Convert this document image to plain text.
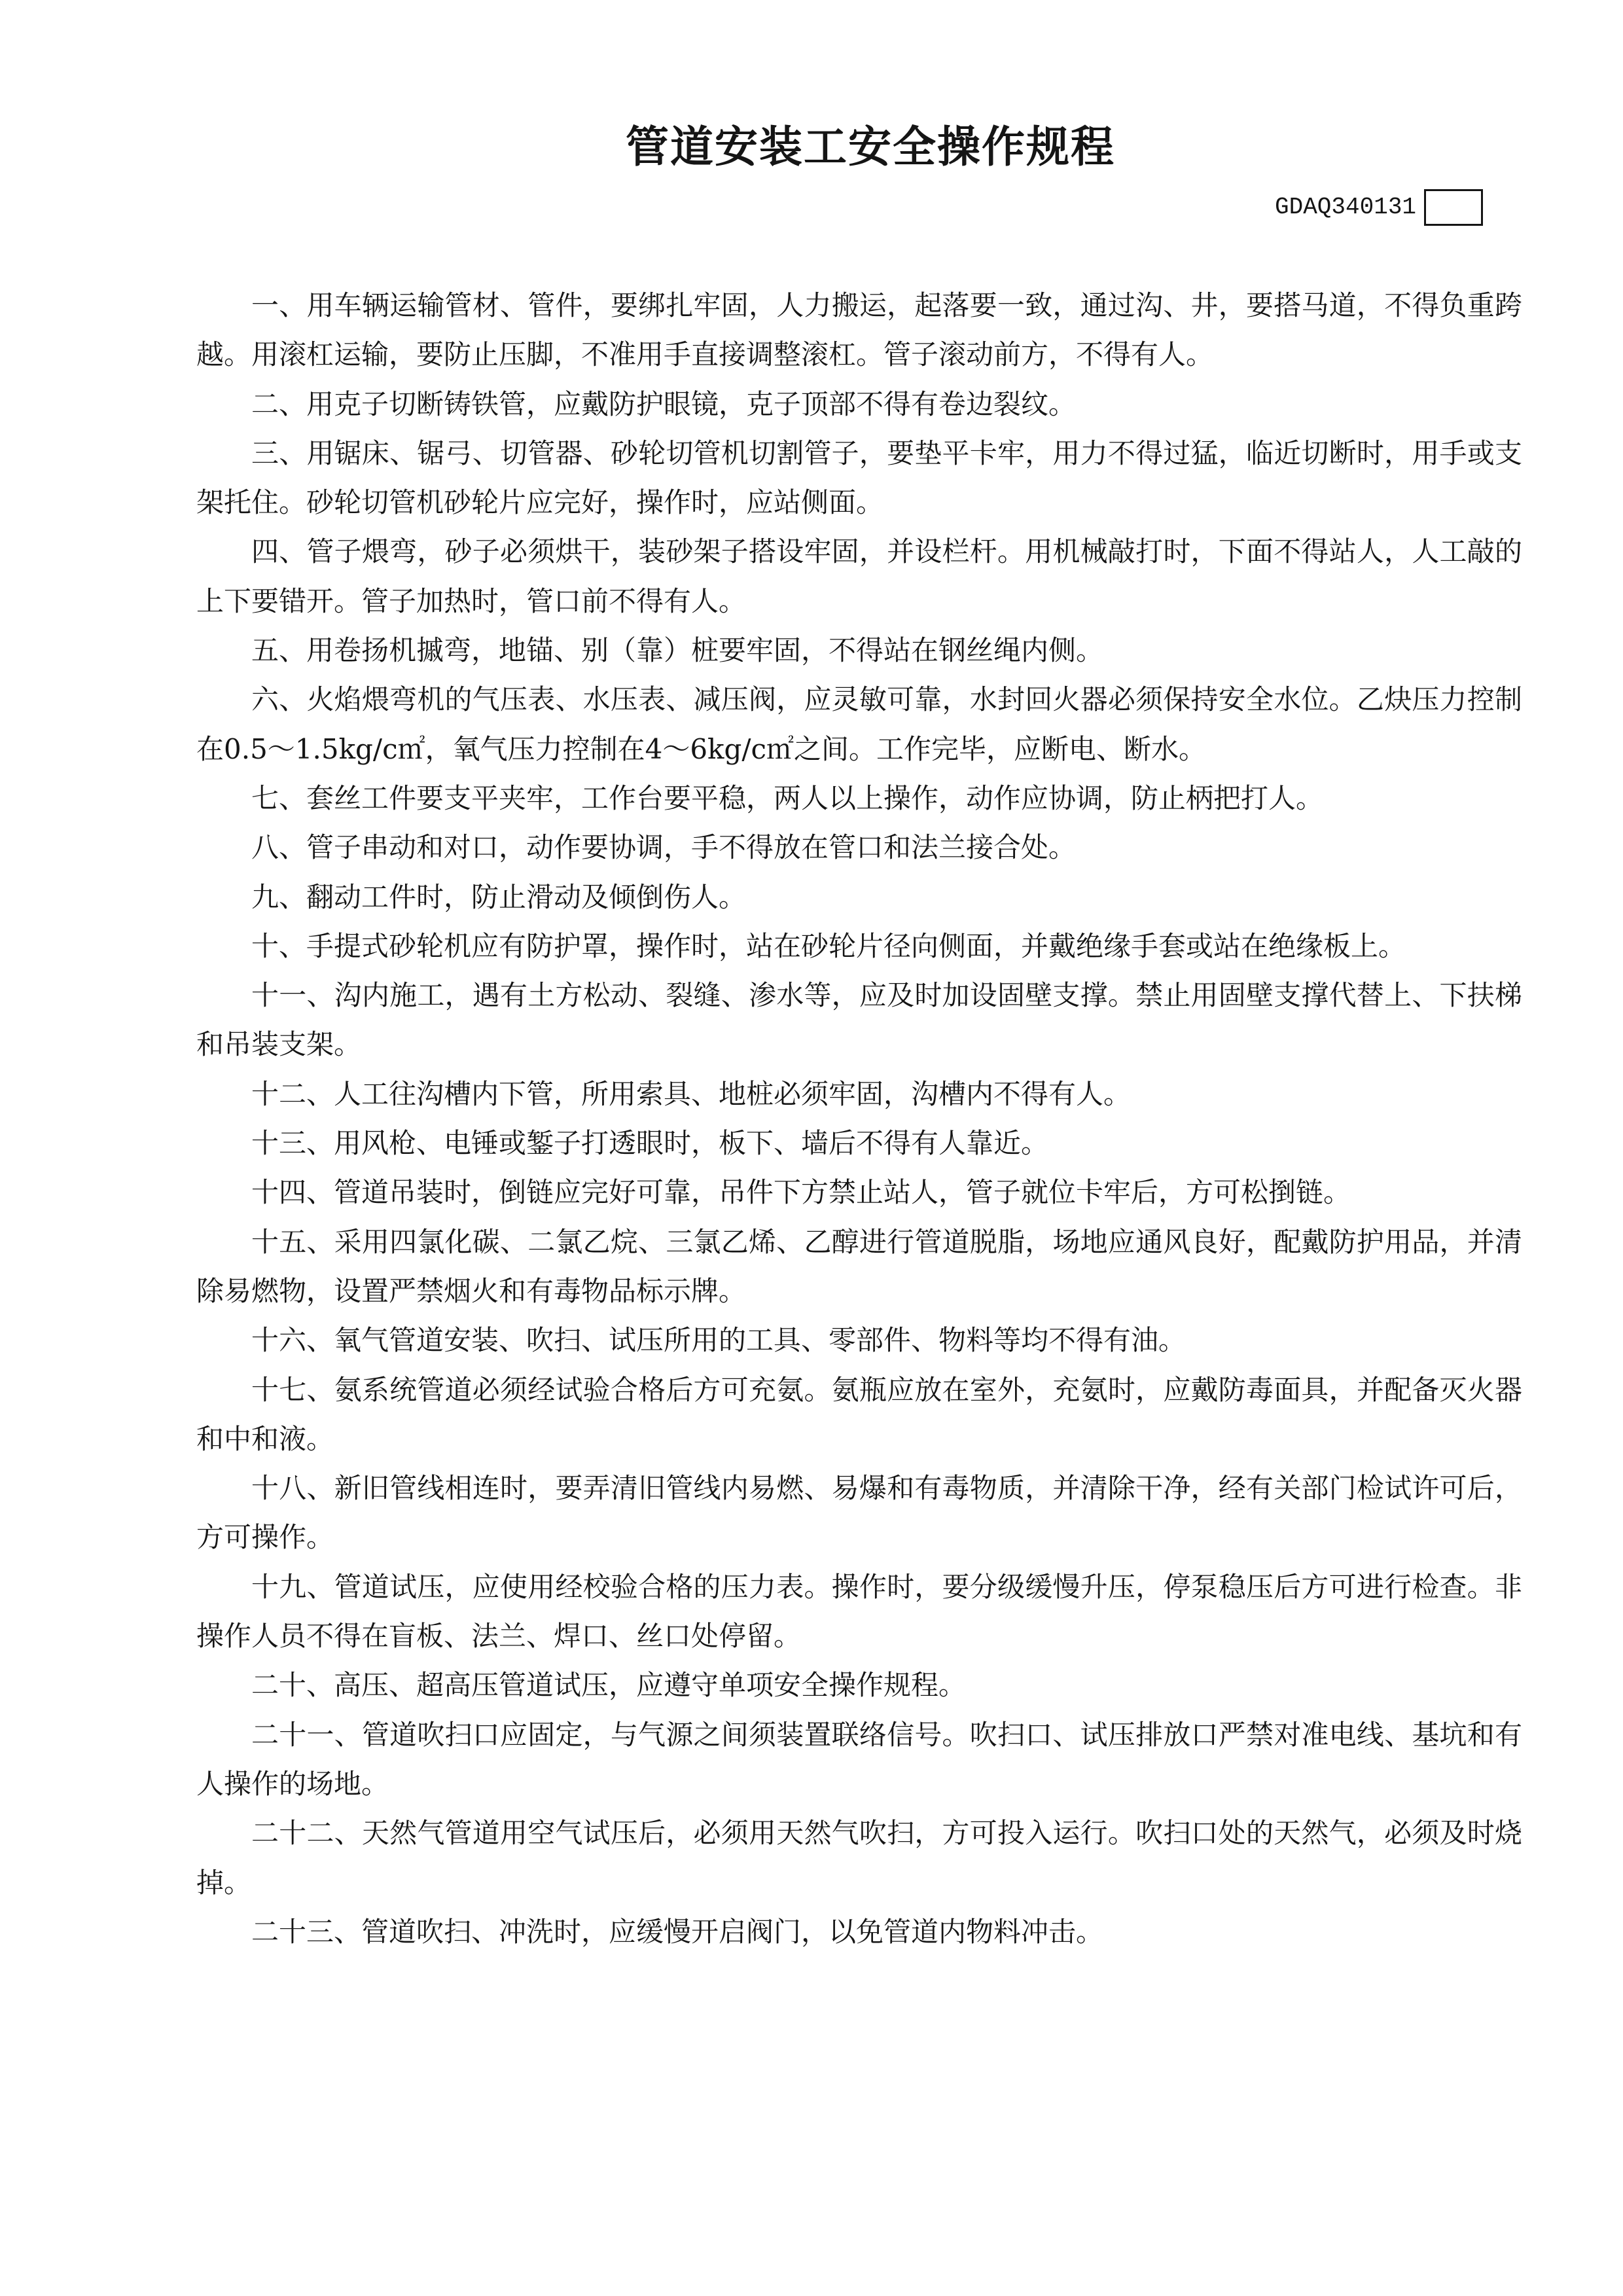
管道安装工安全操作规程
GDAQ340131

一、用车辆运输管材、管件，要绑扎牢固，人力搬运，起落要一致，通过沟、井，要搭马道，不得负重跨越。用滚杠运输，要防止压脚，不准用手直接调整滚杠。管子滚动前方，不得有人。

二、用克子切断铸铁管，应戴防护眼镜，克子顶部不得有卷边裂纹。

三、用锯床、锯弓、切管器、砂轮切管机切割管子，要垫平卡牢，用力不得过猛，临近切断时，用手或支架托住。砂轮切管机砂轮片应完好，操作时，应站侧面。

四、管子煨弯，砂子必须烘干，装砂架子搭设牢固，并设栏杆。用机械敲打时，下面不得站人，人工敲的上下要错开。管子加热时，管口前不得有人。

五、用卷扬机摵弯，地锚、别（靠）桩要牢固，不得站在钢丝绳内侧。

六、火焰煨弯机的气压表、水压表、减压阀，应灵敏可靠，水封回火器必须保持安全水位。乙炔压力控制在0.5～1.5kg/c㎡，氧气压力控制在4～6kg/c㎡之间。工作完毕，应断电、断水。

七、套丝工件要支平夹牢，工作台要平稳，两人以上操作，动作应协调，防止柄把打人。

八、管子串动和对口，动作要协调，手不得放在管口和法兰接合处。

九、翻动工件时，防止滑动及倾倒伤人。

十、手提式砂轮机应有防护罩，操作时，站在砂轮片径向侧面，并戴绝缘手套或站在绝缘板上。

十一、沟内施工，遇有土方松动、裂缝、渗水等，应及时加设固壁支撑。禁止用固壁支撑代替上、下扶梯和吊装支架。

十二、人工往沟槽内下管，所用索具、地桩必须牢固，沟槽内不得有人。

十三、用风枪、电锤或錾子打透眼时，板下、墙后不得有人靠近。

十四、管道吊装时，倒链应完好可靠，吊件下方禁止站人，管子就位卡牢后，方可松捯链。

十五、采用四氯化碳、二氯乙烷、三氯乙烯、乙醇进行管道脱脂，场地应通风良好，配戴防护用品，并清除易燃物，设置严禁烟火和有毒物品标示牌。

十六、氧气管道安装、吹扫、试压所用的工具、零部件、物料等均不得有油。

十七、氨系统管道必须经试验合格后方可充氨。氨瓶应放在室外，充氨时，应戴防毒面具，并配备灭火器和中和液。

十八、新旧管线相连时，要弄清旧管线内易燃、易爆和有毒物质，并清除干净，经有关部门检试许可后，方可操作。

十九、管道试压，应使用经校验合格的压力表。操作时，要分级缓慢升压，停泵稳压后方可进行检查。非操作人员不得在盲板、法兰、焊口、丝口处停留。

二十、高压、超高压管道试压，应遵守单项安全操作规程。

二十一、管道吹扫口应固定，与气源之间须装置联络信号。吹扫口、试压排放口严禁对准电线、基坑和有人操作的场地。

二十二、天然气管道用空气试压后，必须用天然气吹扫，方可投入运行。吹扫口处的天然气，必须及时烧掉。

二十三、管道吹扫、冲洗时，应缓慢开启阀门，以免管道内物料冲击。
